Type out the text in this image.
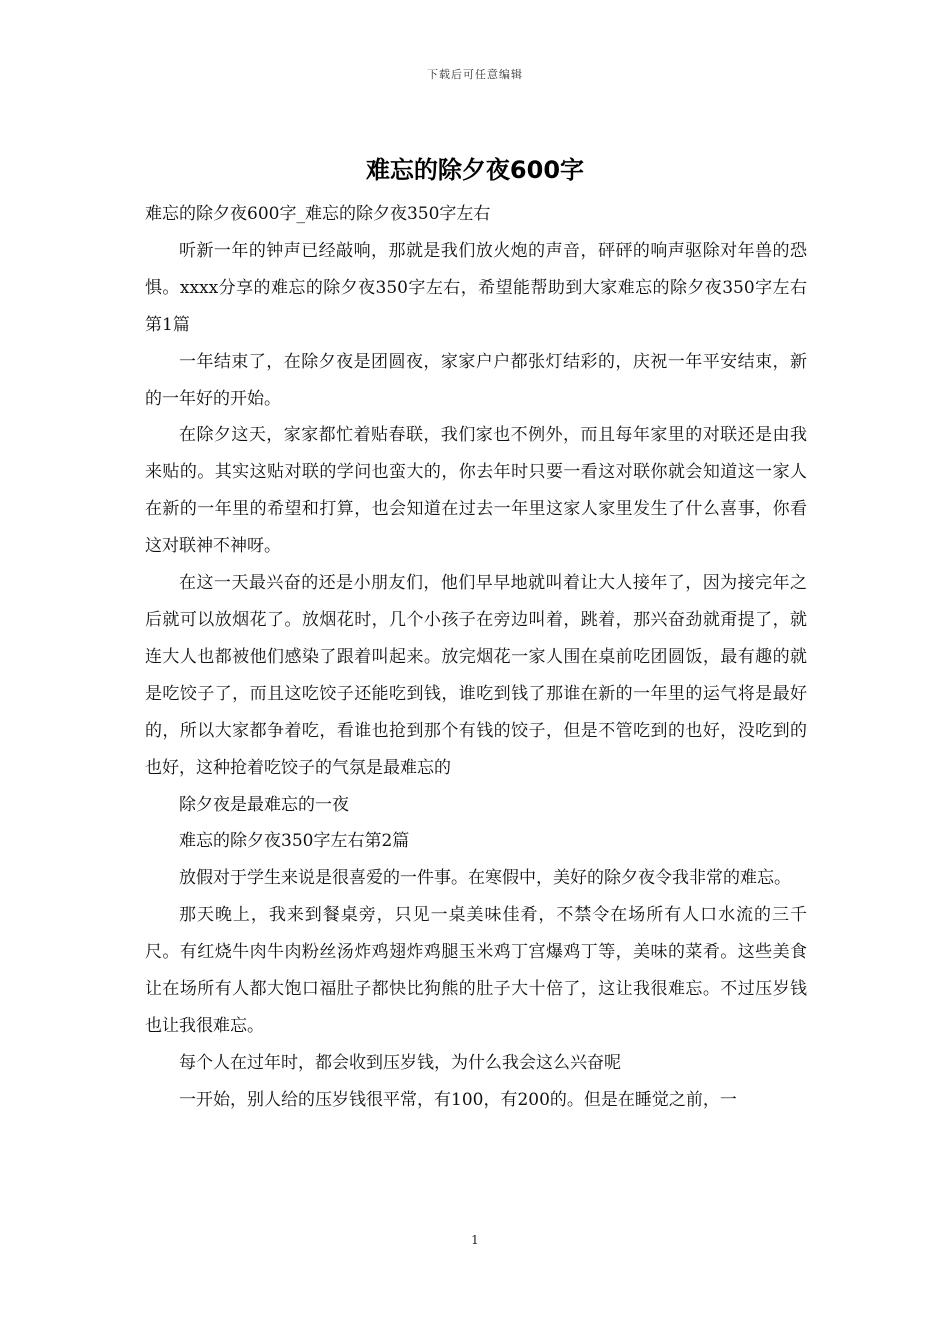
下载后可任意编辑
难忘的除夕夜600字

难忘的除夕夜600字_难忘的除夕夜350字左右

听新一年的钟声已经敲响，那就是我们放火炮的声音，砰砰的响声驱除对年兽的恐惧。xxxx分享的难忘的除夕夜350字左右，希望能帮助到大家难忘的除夕夜350字左右第1篇

一年结束了，在除夕夜是团圆夜，家家户户都张灯结彩的，庆祝一年平安结束，新的一年好的开始。

在除夕这天，家家都忙着贴春联，我们家也不例外，而且每年家里的对联还是由我来贴的。其实这贴对联的学问也蛮大的，你去年时只要一看这对联你就会知道这一家人在新的一年里的希望和打算，也会知道在过去一年里这家人家里发生了什么喜事，你看这对联神不神呀。

在这一天最兴奋的还是小朋友们，他们早早地就叫着让大人接年了，因为接完年之后就可以放烟花了。放烟花时，几个小孩子在旁边叫着，跳着，那兴奋劲就甭提了，就连大人也都被他们感染了跟着叫起来。放完烟花一家人围在桌前吃团圆饭，最有趣的就是吃饺子了，而且这吃饺子还能吃到钱，谁吃到钱了那谁在新的一年里的运气将是最好的，所以大家都争着吃，看谁也抢到那个有钱的饺子，但是不管吃到的也好，没吃到的也好，这种抢着吃饺子的气氛是最难忘的

除夕夜是最难忘的一夜

难忘的除夕夜350字左右第2篇

放假对于学生来说是很喜爱的一件事。在寒假中，美好的除夕夜令我非常的难忘。

那天晚上，我来到餐桌旁，只见一桌美味佳肴，不禁令在场所有人口水流的三千尺。有红烧牛肉牛肉粉丝汤炸鸡翅炸鸡腿玉米鸡丁宫爆鸡丁等，美味的菜肴。这些美食让在场所有人都大饱口福肚子都快比狗熊的肚子大十倍了，这让我很难忘。不过压岁钱也让我很难忘。

每个人在过年时，都会收到压岁钱，为什么我会这么兴奋呢

一开始，别人给的压岁钱很平常，有100，有200的。但是在睡觉之前，一

1
